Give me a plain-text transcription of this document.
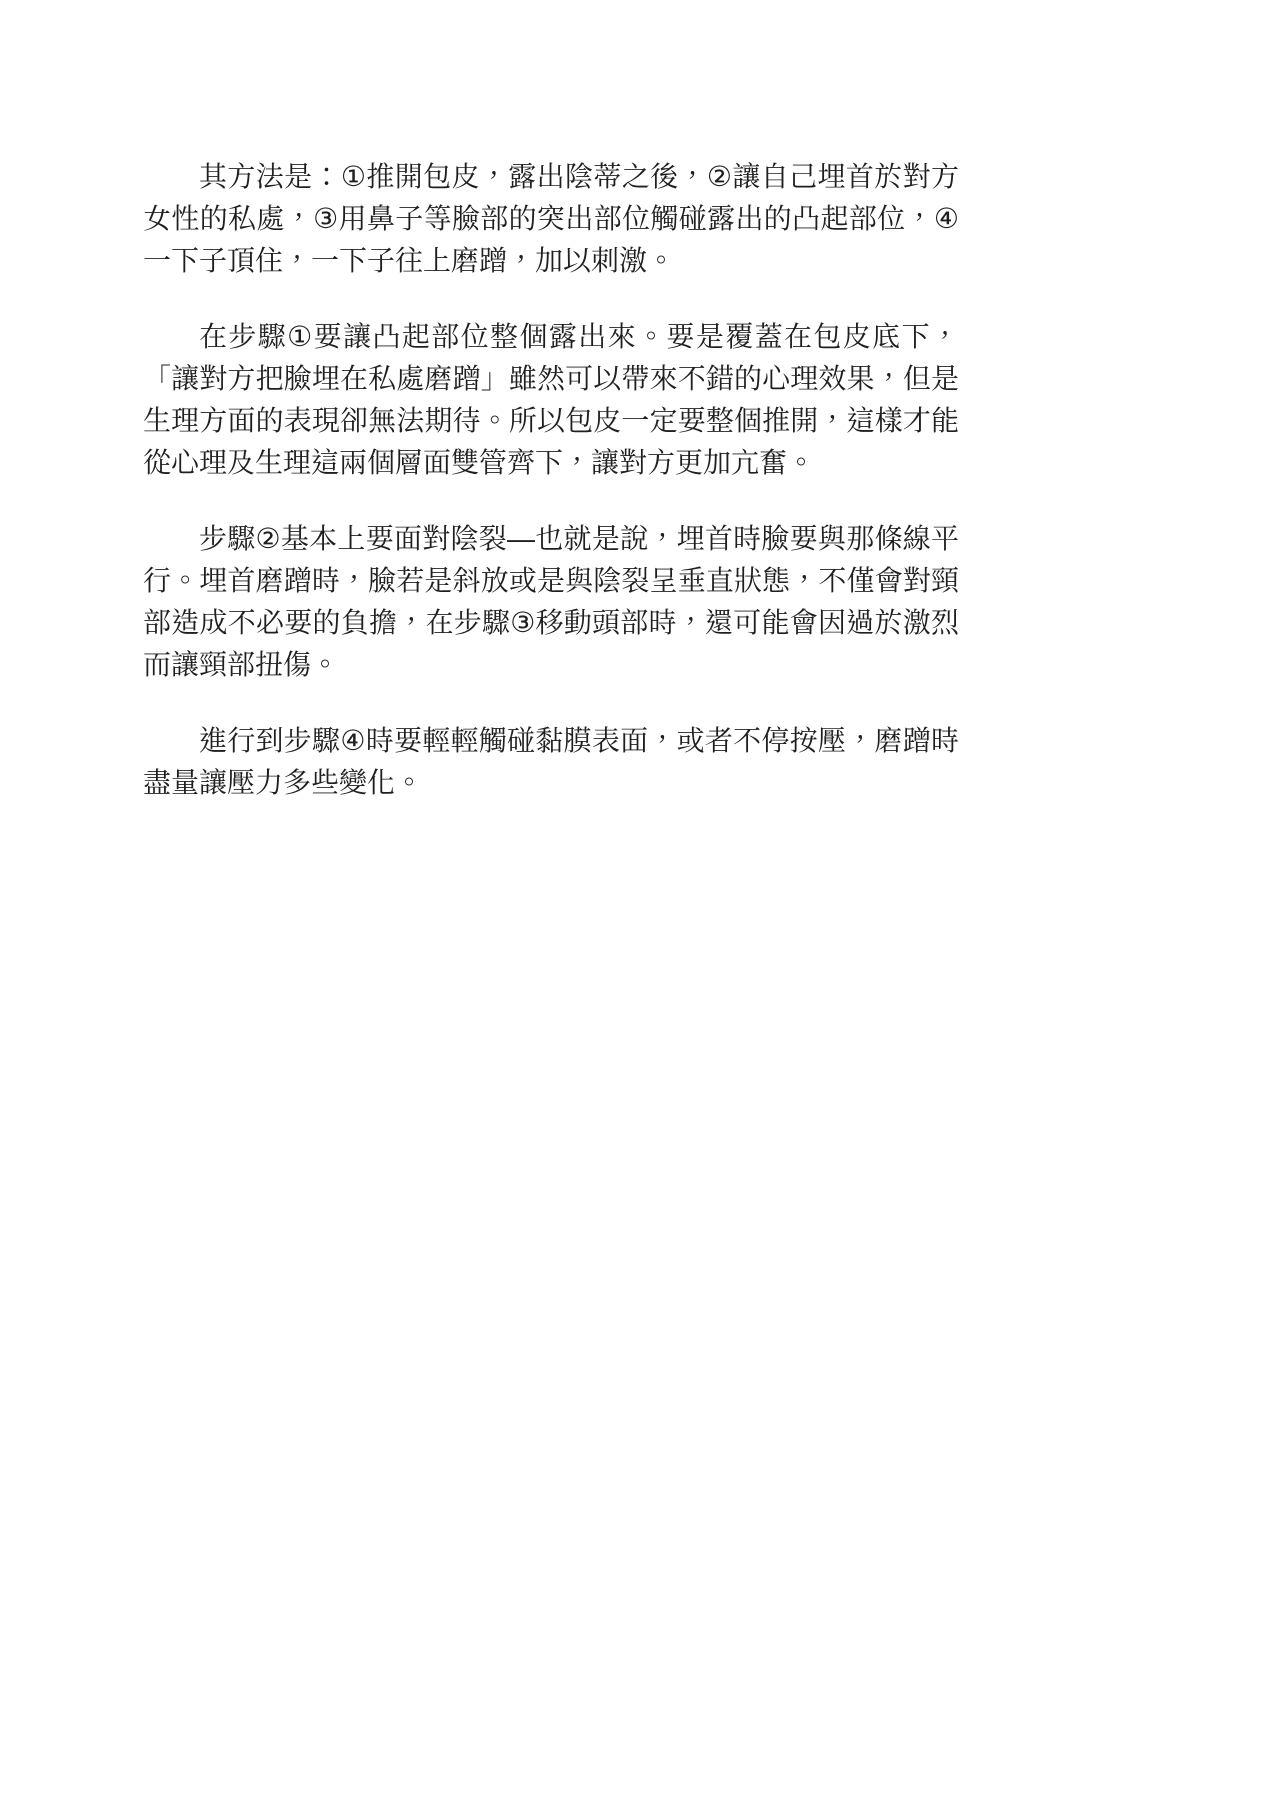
其方法是：①推開包皮，露出陰蒂之後，②讓自己埋首於對方女性的私處，③用鼻子等臉部的突出部位觸碰露出的凸起部位，④一下子頂住，一下子往上磨蹭，加以刺激。

在步驟①要讓凸起部位整個露出來。要是覆蓋在包皮底下，「讓對方把臉埋在私處磨蹭」雖然可以帶來不錯的心理效果，但是生理方面的表現卻無法期待。所以包皮一定要整個推開，這樣才能從心理及生理這兩個層面雙管齊下，讓對方更加亢奮。

步驟②基本上要面對陰裂—也就是說，埋首時臉要與那條線平行。埋首磨蹭時，臉若是斜放或是與陰裂呈垂直狀態，不僅會對頸部造成不必要的負擔，在步驟③移動頭部時，還可能會因過於激烈而讓頸部扭傷。

進行到步驟④時要輕輕觸碰黏膜表面，或者不停按壓，磨蹭時盡量讓壓力多些變化。
